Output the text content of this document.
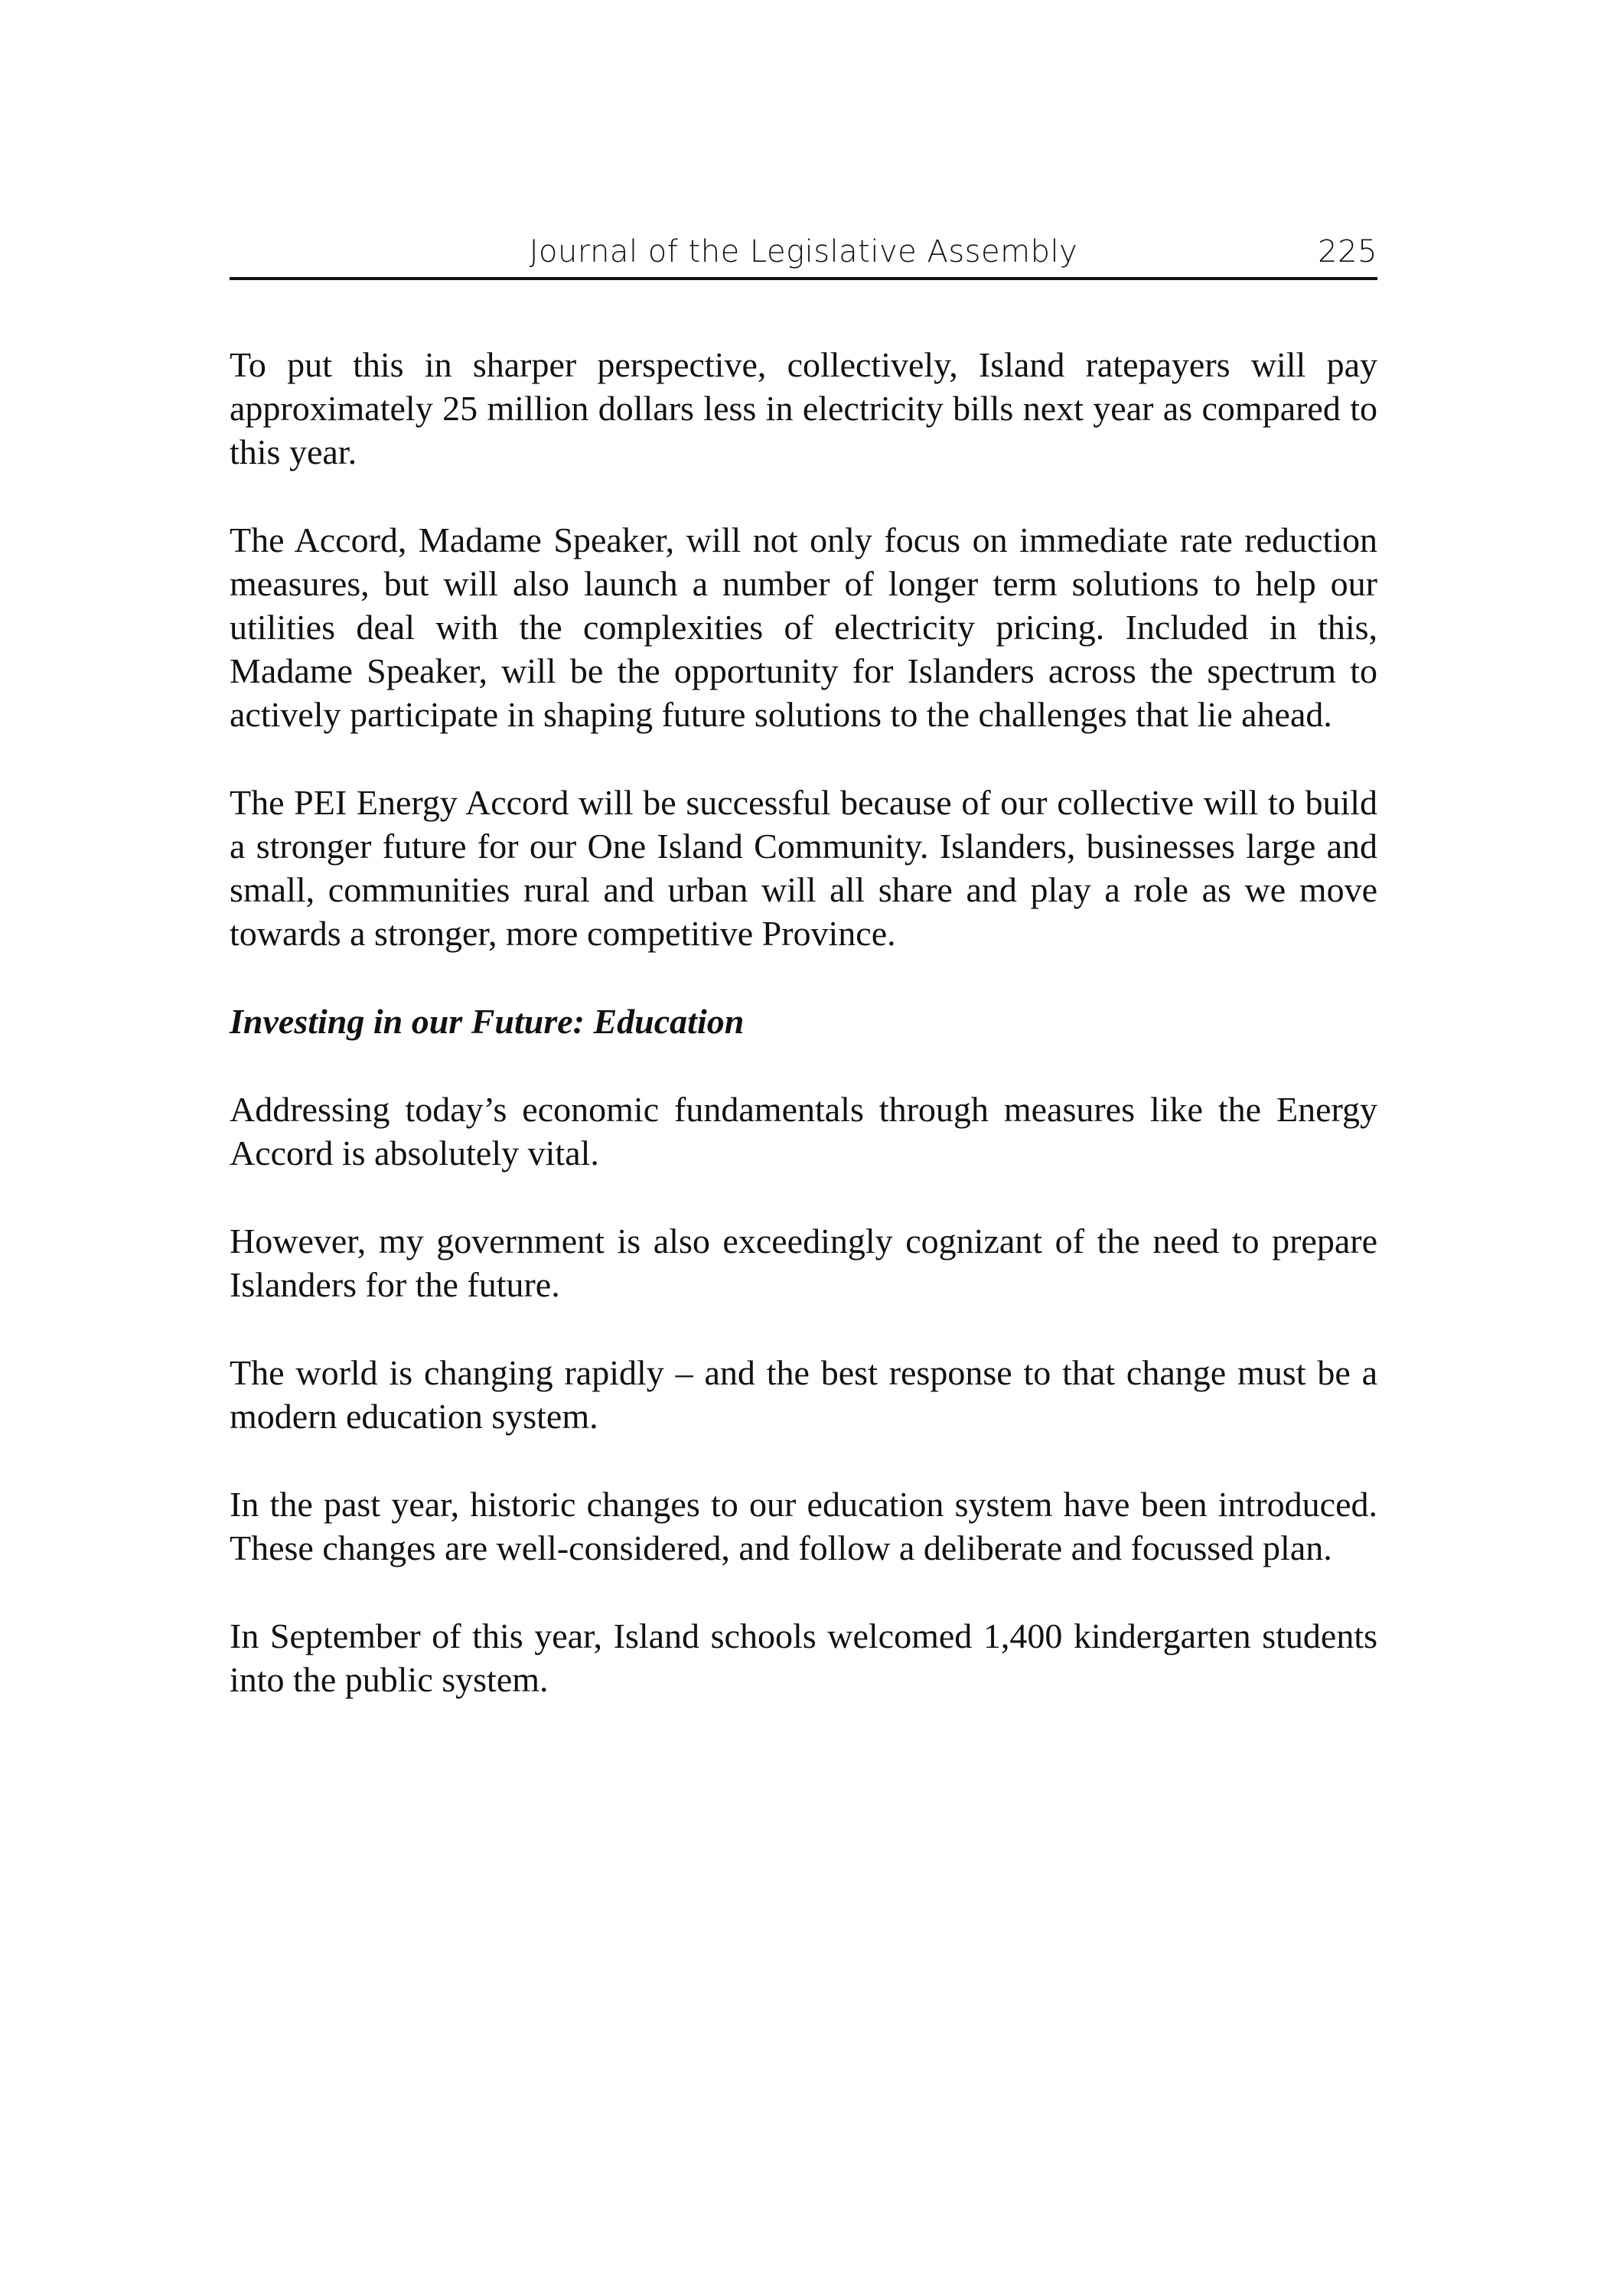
Journal of the Legislative Assembly	225

To put this in sharper perspective, collectively, Island ratepayers will pay approximately 25 million dollars less in electricity bills next year as compared to this year.

The Accord, Madame Speaker, will not only focus on immediate rate reduction measures, but will also launch a number of longer term solutions to help our utilities deal with the complexities of electricity pricing. Included in this, Madame Speaker, will be the opportunity for Islanders across the spectrum to actively participate in shaping future solutions to the challenges that lie ahead.

The PEI Energy Accord will be successful because of our collective will to build a stronger future for our One Island Community. Islanders, businesses large and small, communities rural and urban will all share and play a role as we move towards a stronger, more competitive Province.

Investing in our Future: Education

Addressing today’s economic fundamentals through measures like the Energy Accord is absolutely vital.

However, my government is also exceedingly cognizant of the need to prepare Islanders for the future.

The world is changing rapidly – and the best response to that change must be a modern education system.

In the past year, historic changes to our education system have been introduced. These changes are well-considered, and follow a deliberate and focussed plan.

In September of this year, Island schools welcomed 1,400 kindergarten students into the public system.
